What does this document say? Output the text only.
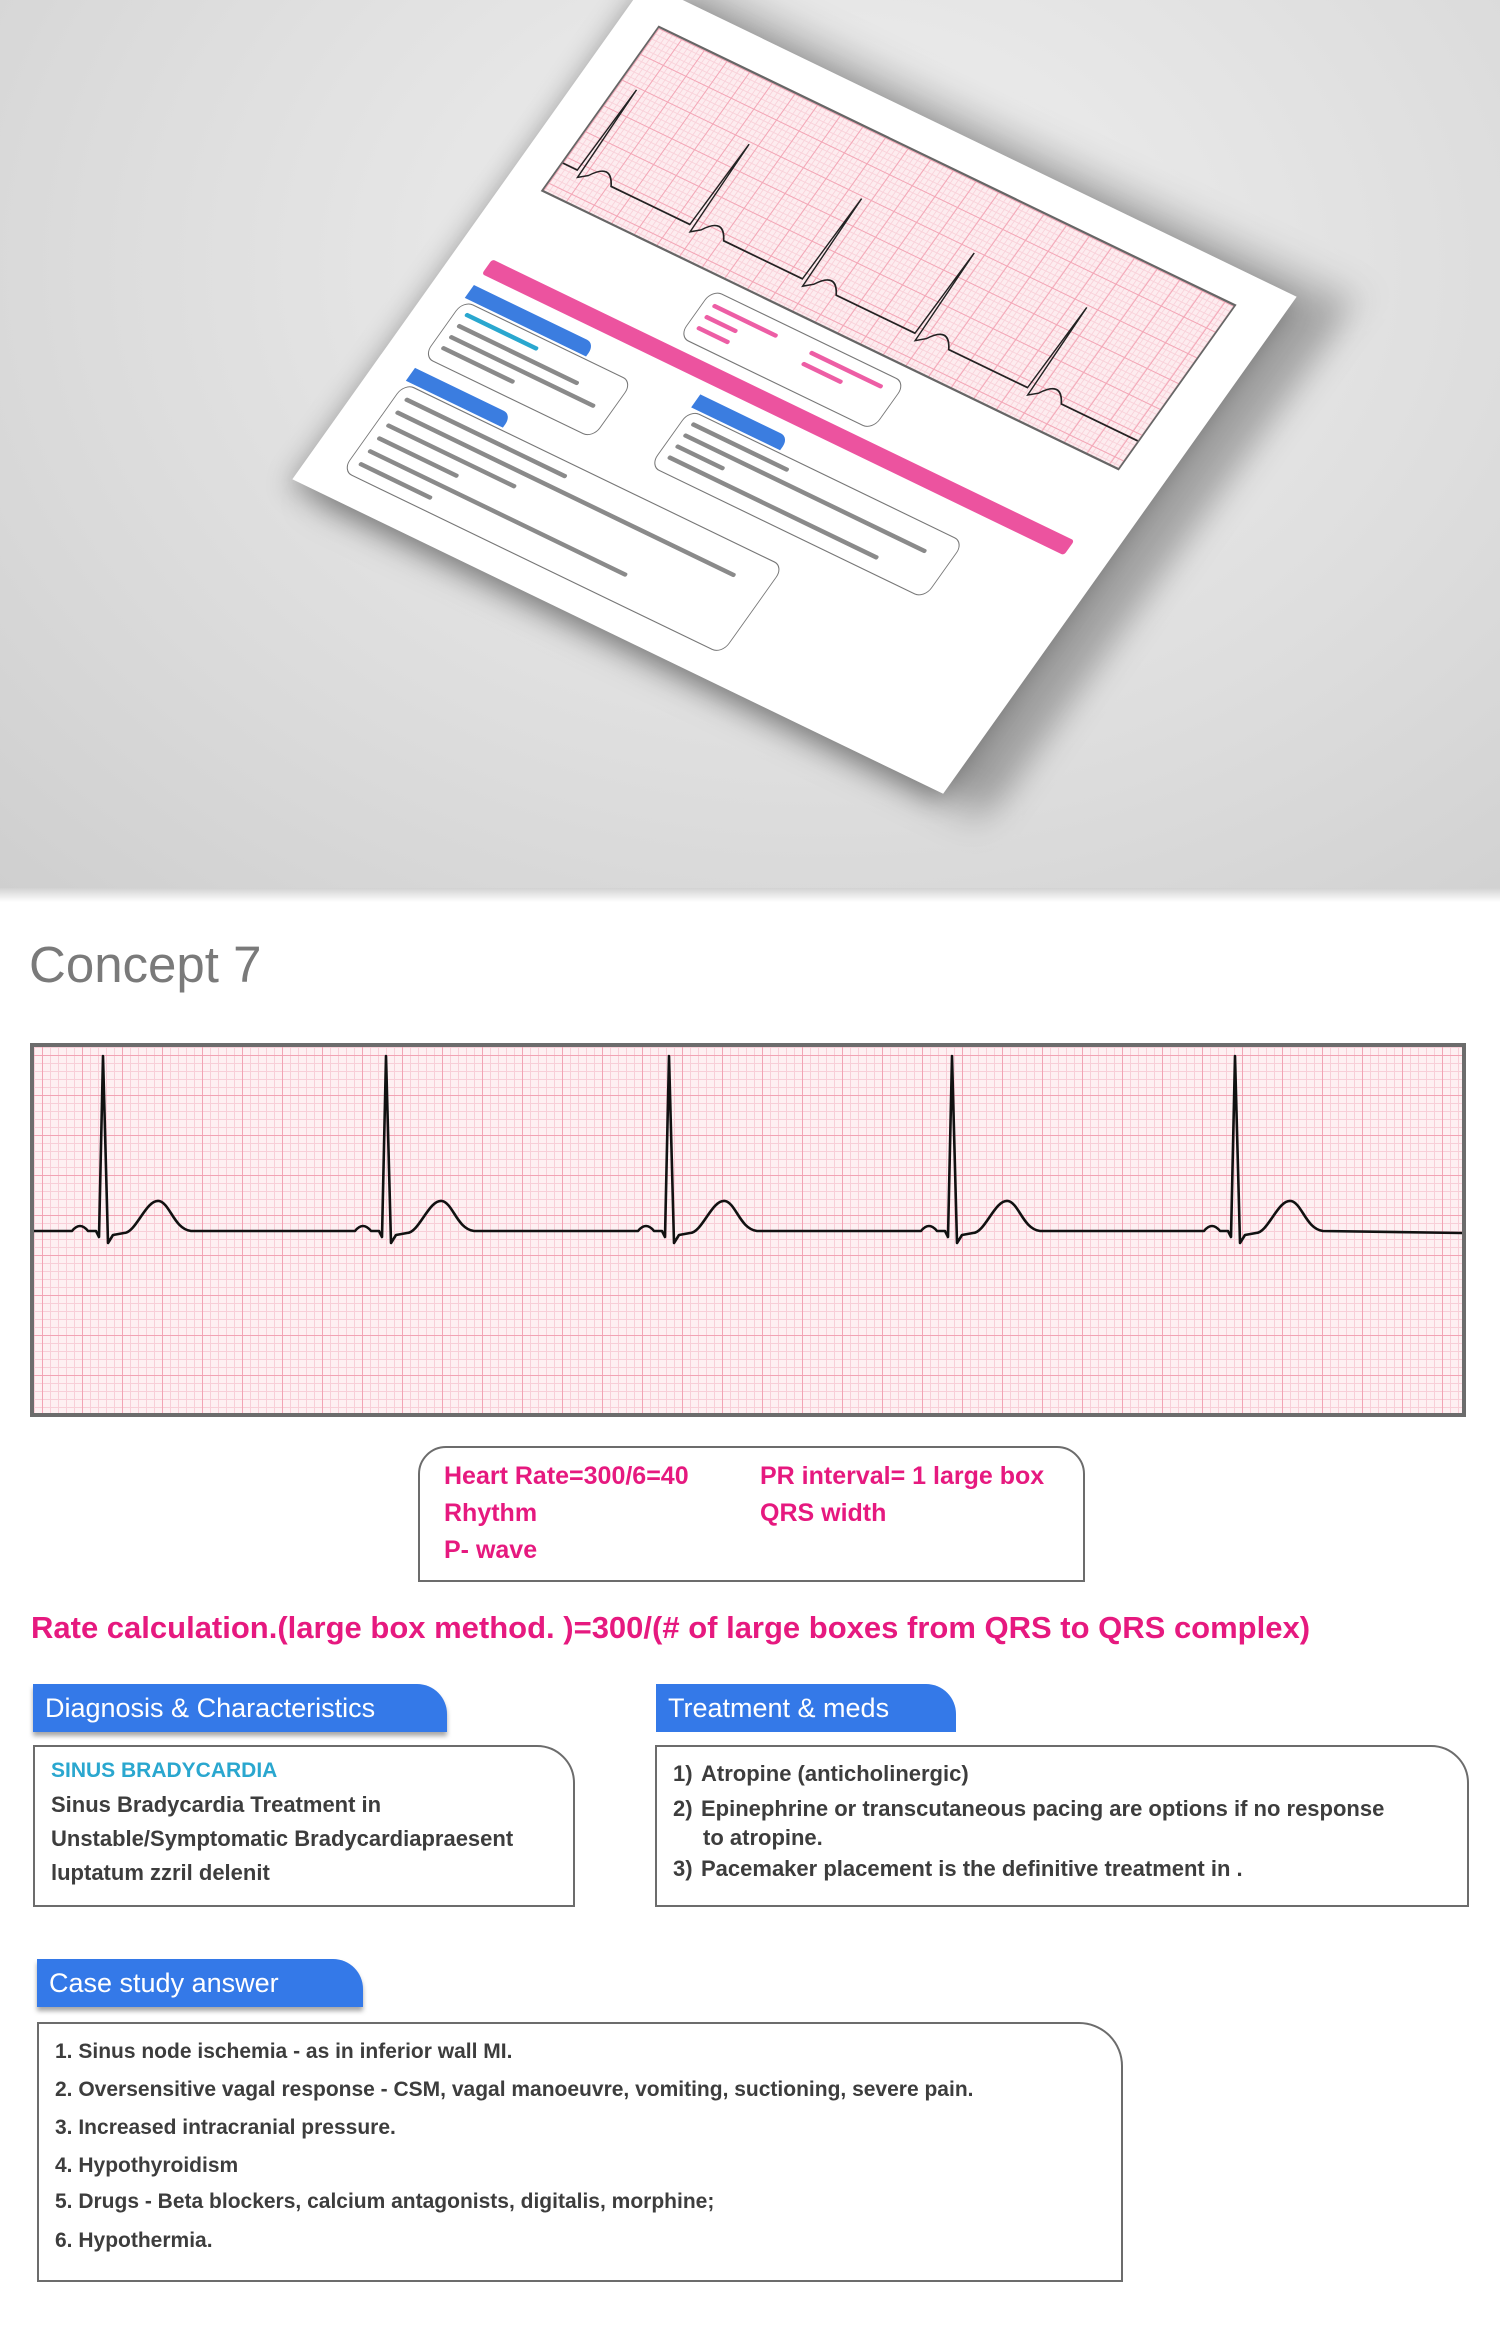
Concept 7
Heart Rate=300/6=40	PR interval= 1 large box
Rhythm	QRS width
P- wave
Rate calculation.(large box method. )=300/(# of large boxes from QRS to QRS complex)
Diagnosis & Characteristics
SINUS BRADYCARDIA
Sinus Bradycardia Treatment in
Unstable/Symptomatic Bradycardiapraesent
luptatum zzril delenit
Treatment & meds
1) Atropine (anticholinergic)
2) Epinephrine or transcutaneous pacing are options if no response
to atropine.
3) Pacemaker placement is the definitive treatment in .
Case study answer
1. Sinus node ischemia - as in inferior wall MI.
2. Oversensitive vagal response - CSM, vagal manoeuvre, vomiting, suctioning, severe pain.
3. Increased intracranial pressure.
4. Hypothyroidism
5. Drugs - Beta blockers, calcium antagonists, digitalis, morphine;
6. Hypothermia.
